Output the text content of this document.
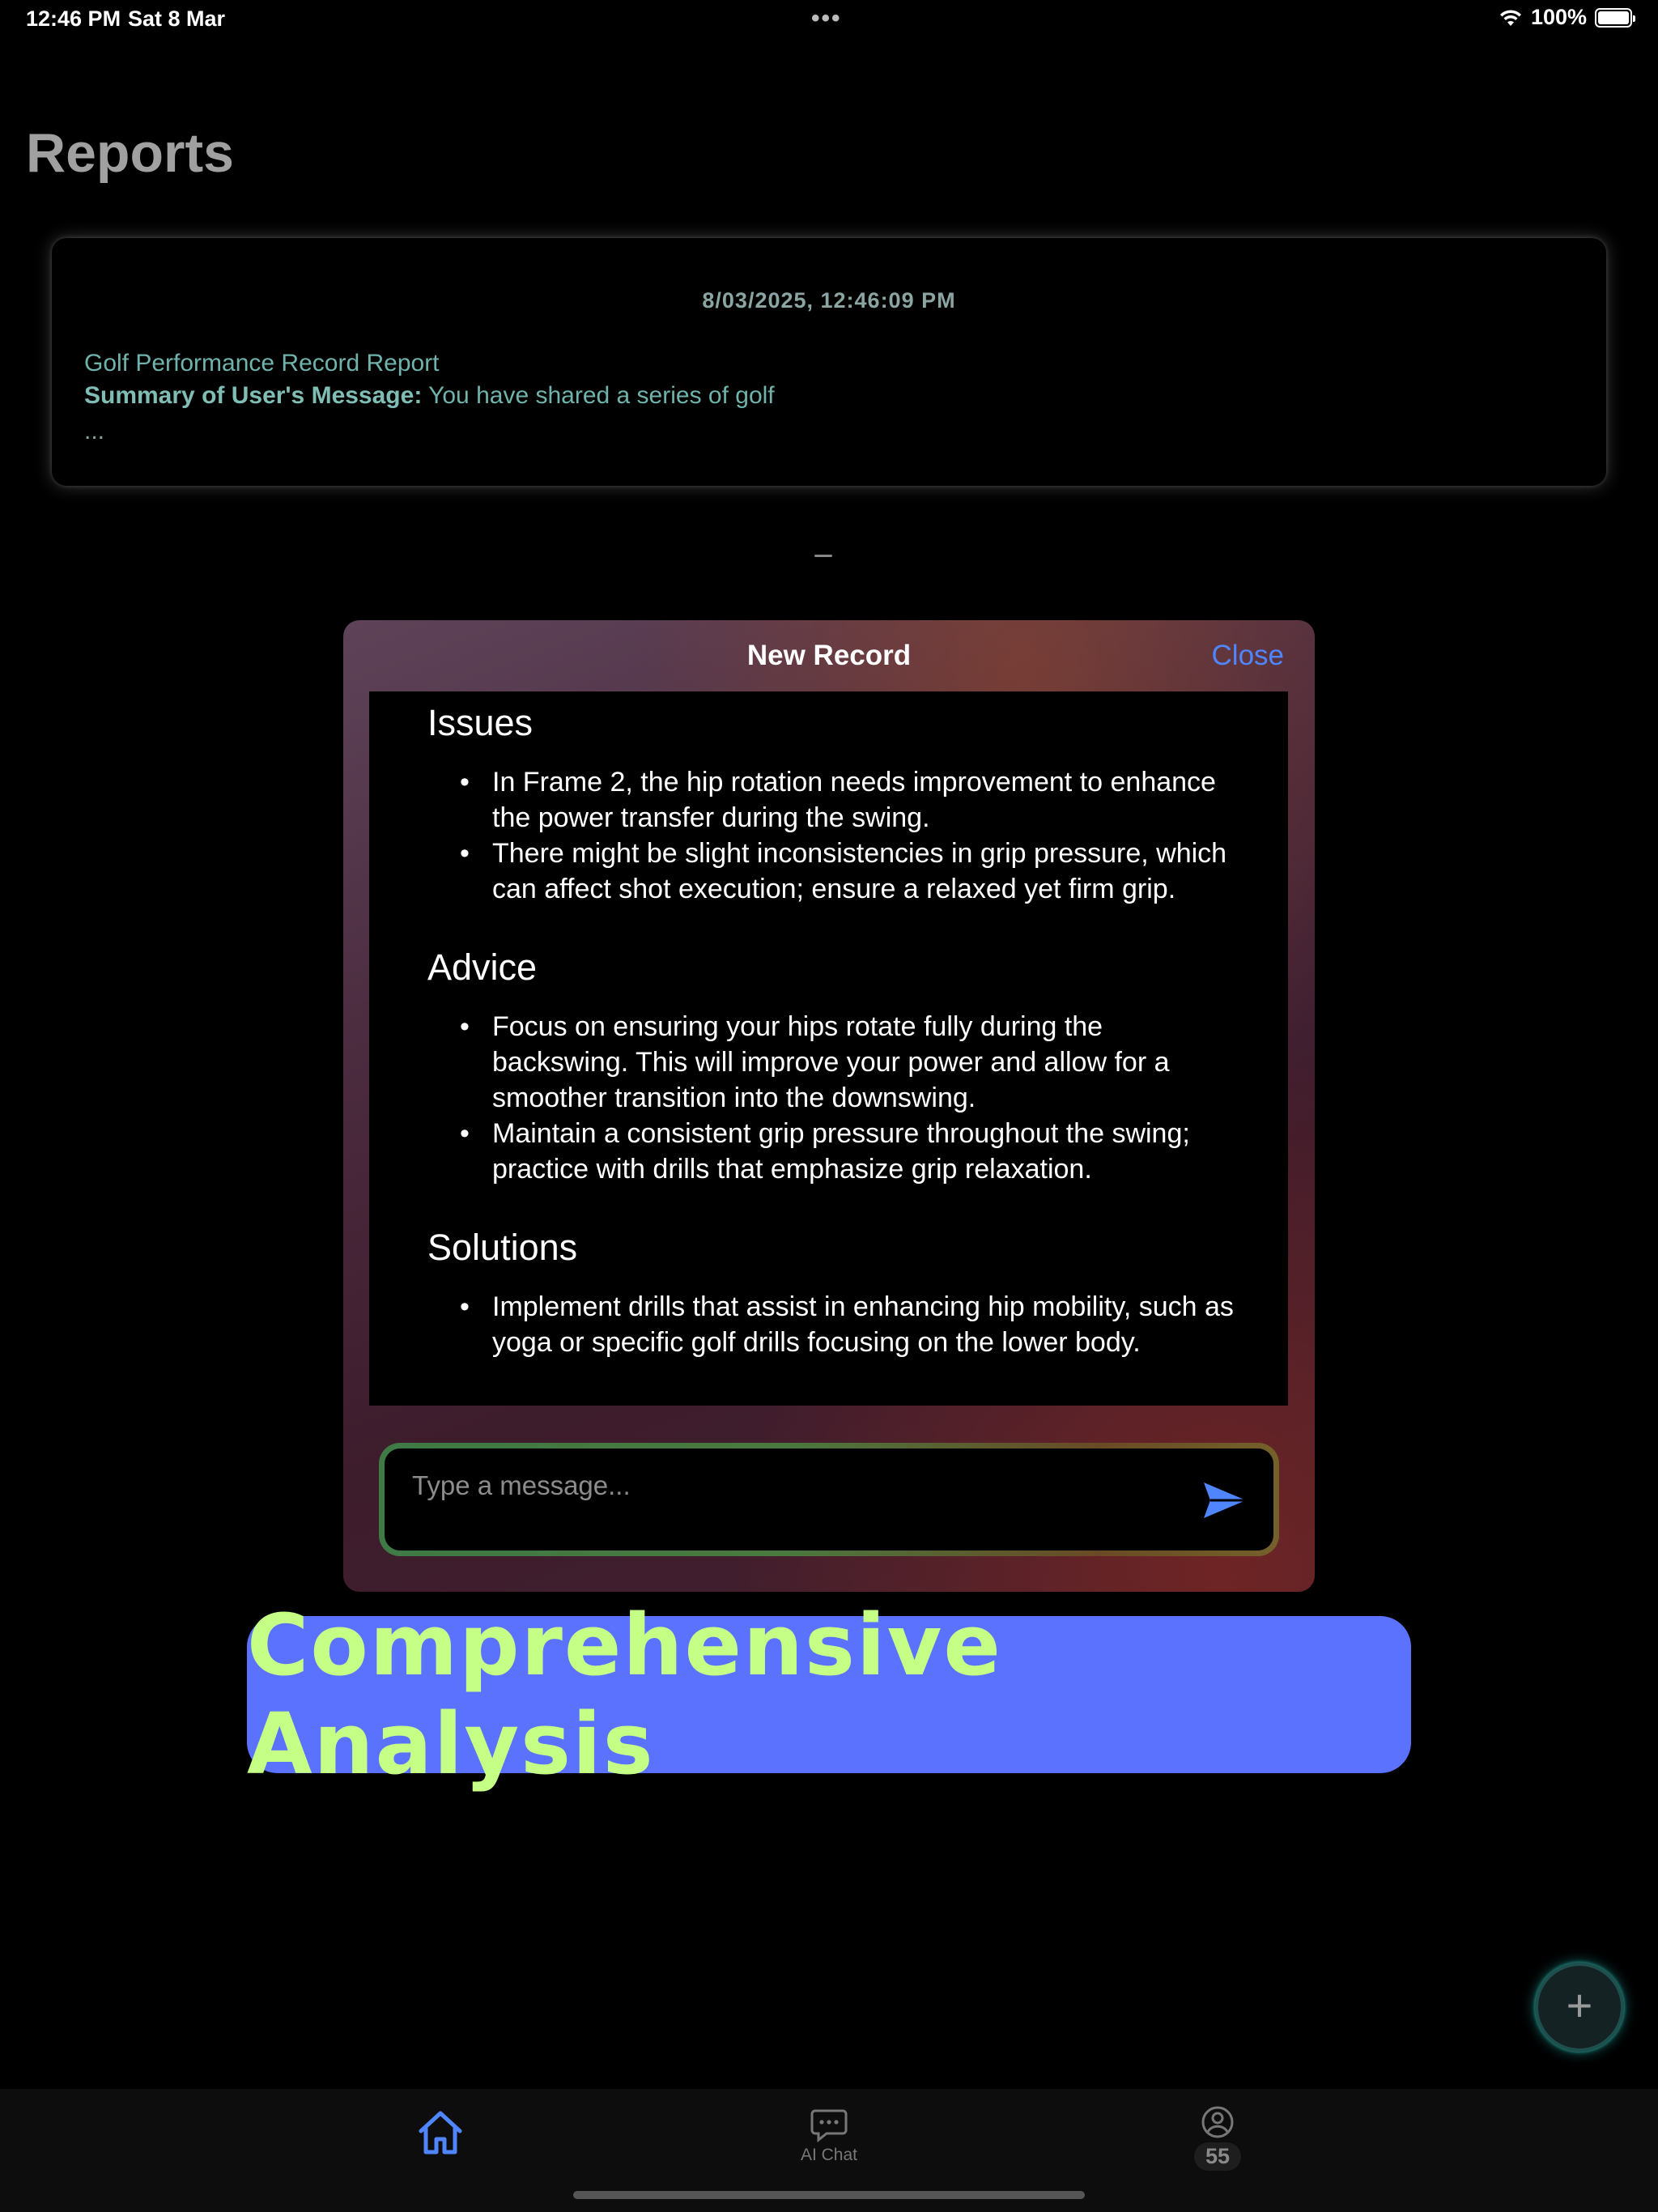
12:46 PM Sat 8 Mar	•••	100%
Reports
8/03/2025, 12:46:09 PM
Golf Performance Record Report
Summary of User's Message: You have shared a series of golf
...
New Record	Close
Issues
• In Frame 2, the hip rotation needs improvement to enhance the power transfer during the swing.
• There might be slight inconsistencies in grip pressure, which can affect shot execution; ensure a relaxed yet firm grip.
Advice
• Focus on ensuring your hips rotate fully during the backswing. This will improve your power and allow for a smoother transition into the downswing.
• Maintain a consistent grip pressure throughout the swing; practice with drills that emphasize grip relaxation.
Solutions
• Implement drills that assist in enhancing hip mobility, such as yoga or specific golf drills focusing on the lower body.
Type a message...
Comprehensive Analysis
+
AI Chat	55
